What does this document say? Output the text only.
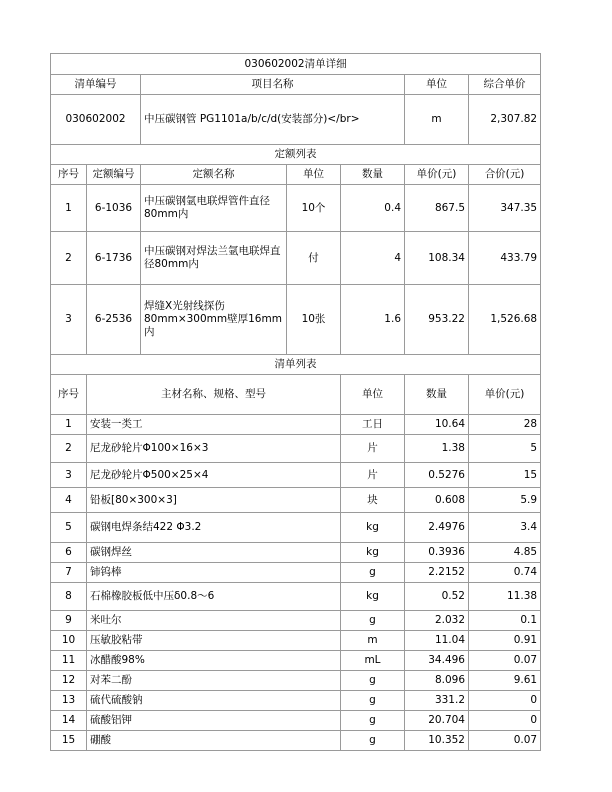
030602002清单详细							
清单编号		项目名称			单位	综合单价	
030602002		中压碳钢管 PG1101a/b/c/d(安装部分)</br>			m	2,307.82	
定额列表							
序号	定额编号	定额名称	单位	数量	单价(元)	合价(元)	
1	6-1036	中压碳钢氩电联焊管件直径80mm内	10个	0.4	867.5	347.35	
2	6-1736	中压碳钢对焊法兰氩电联焊直径80mm内	付	4	108.34	433.79	
3	6-2536	焊缝X光射线探伤80mm×300mm壁厚16mm内	10张	1.6	953.22	1,526.68	
清单列表							
序号	主材名称、规格、型号			单位	数量	单价(元)	
1	安装一类工			工日	10.64	28	
2	尼龙砂轮片Φ100×16×3			片	1.38	5	
3	尼龙砂轮片Φ500×25×4			片	0.5276	15	
4	铅板[80×300×3]			块	0.608	5.9	
5	碳钢电焊条结422 Φ3.2			kg	2.4976	3.4	
6	碳钢焊丝			kg	0.3936	4.85	
7	铈钨棒			g	2.2152	0.74	
8	石棉橡胶板低中压δ0.8～6			kg	0.52	11.38	
9	米吐尔			g	2.032	0.1	
10	压敏胶粘带			m	11.04	0.91	
11	冰醋酸98%			mL	34.496	0.07	
12	对苯二酚			g	8.096	9.61	
13	硫代硫酸钠			g	331.2	0	
14	硫酸铝钾			g	20.704	0	
15	硼酸			g	10.352	0.07	
